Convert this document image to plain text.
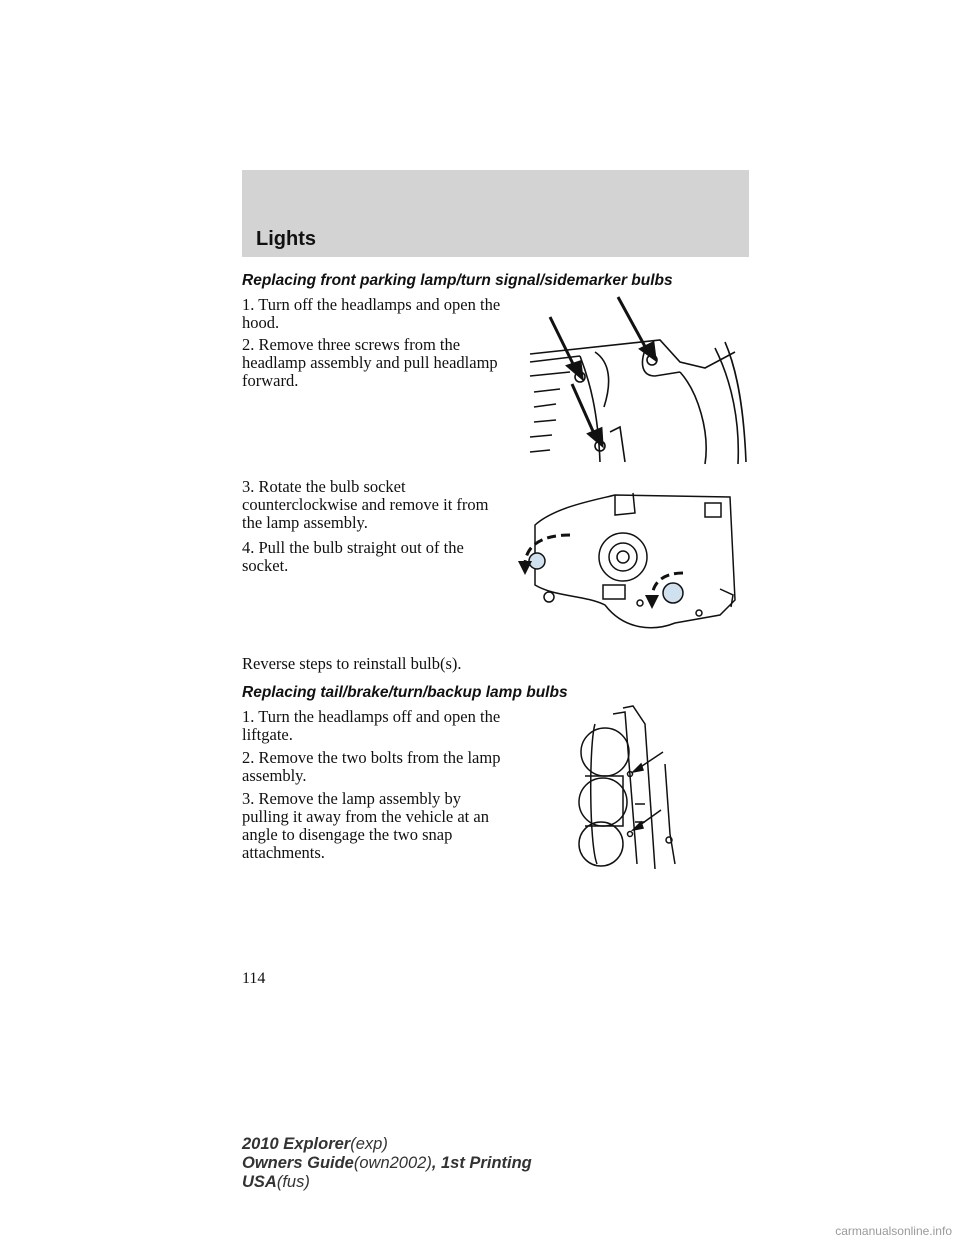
Lights
Replacing front parking lamp/turn signal/sidemarker bulbs
1. Turn off the headlamps and open the hood.
2. Remove three screws from the headlamp assembly and pull headlamp forward.
3. Rotate the bulb socket counterclockwise and remove it from the lamp assembly.
4. Pull the bulb straight out of the socket.
Reverse steps to reinstall bulb(s).
Replacing tail/brake/turn/backup lamp bulbs
1. Turn the headlamps off and open the liftgate.
2. Remove the two bolts from the lamp assembly.
3. Remove the lamp assembly by pulling it away from the vehicle at an angle to disengage the two snap attachments.
114
2010 Explorer(exp)
Owners Guide(own2002), 1st Printing
USA(fus)
carmanualsonline.info
